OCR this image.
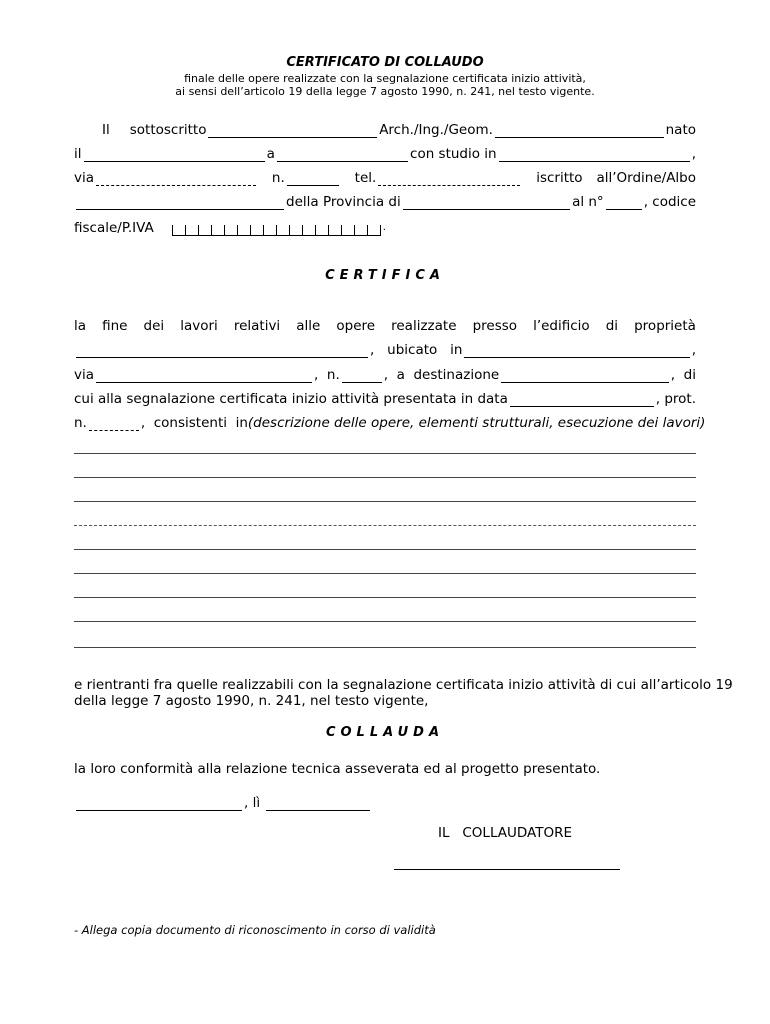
CERTIFICATO DI COLLAUDO
finale delle opere realizzate con la segnalazione certificata inizio attività,
ai sensi dell’articolo 19 della legge 7 agosto 1990, n. 241, nel testo vigente.
Il sottoscritto	Arch./Ing./Geom.	nato
il	a	con studio in	,
via	n.	tel.	iscritto all’Ordine/Albo
della Provincia di	al n°	, codice
fiscale/P.IVA	.
CERTIFICA
la fine dei lavori relativi alle opere realizzate presso l’edificio di proprietà
,   ubicato   in	,
via	,  n.	,  a  destinazione	,  di
cui alla segnalazione certificata inizio attività presentata in data	, prot.
n.	,  consistenti  in (descrizione delle opere, elementi strutturali, esecuzione dei lavori)
e rientranti fra quelle realizzabili con la segnalazione certificata inizio attività di cui all’articolo 19
della legge 7 agosto 1990, n. 241, nel testo vigente,
COLLAUDA
la loro conformità alla relazione tecnica asseverata ed al progetto presentato.
, lì
IL   COLLAUDATORE
- Allega copia documento di riconoscimento in corso di validità
